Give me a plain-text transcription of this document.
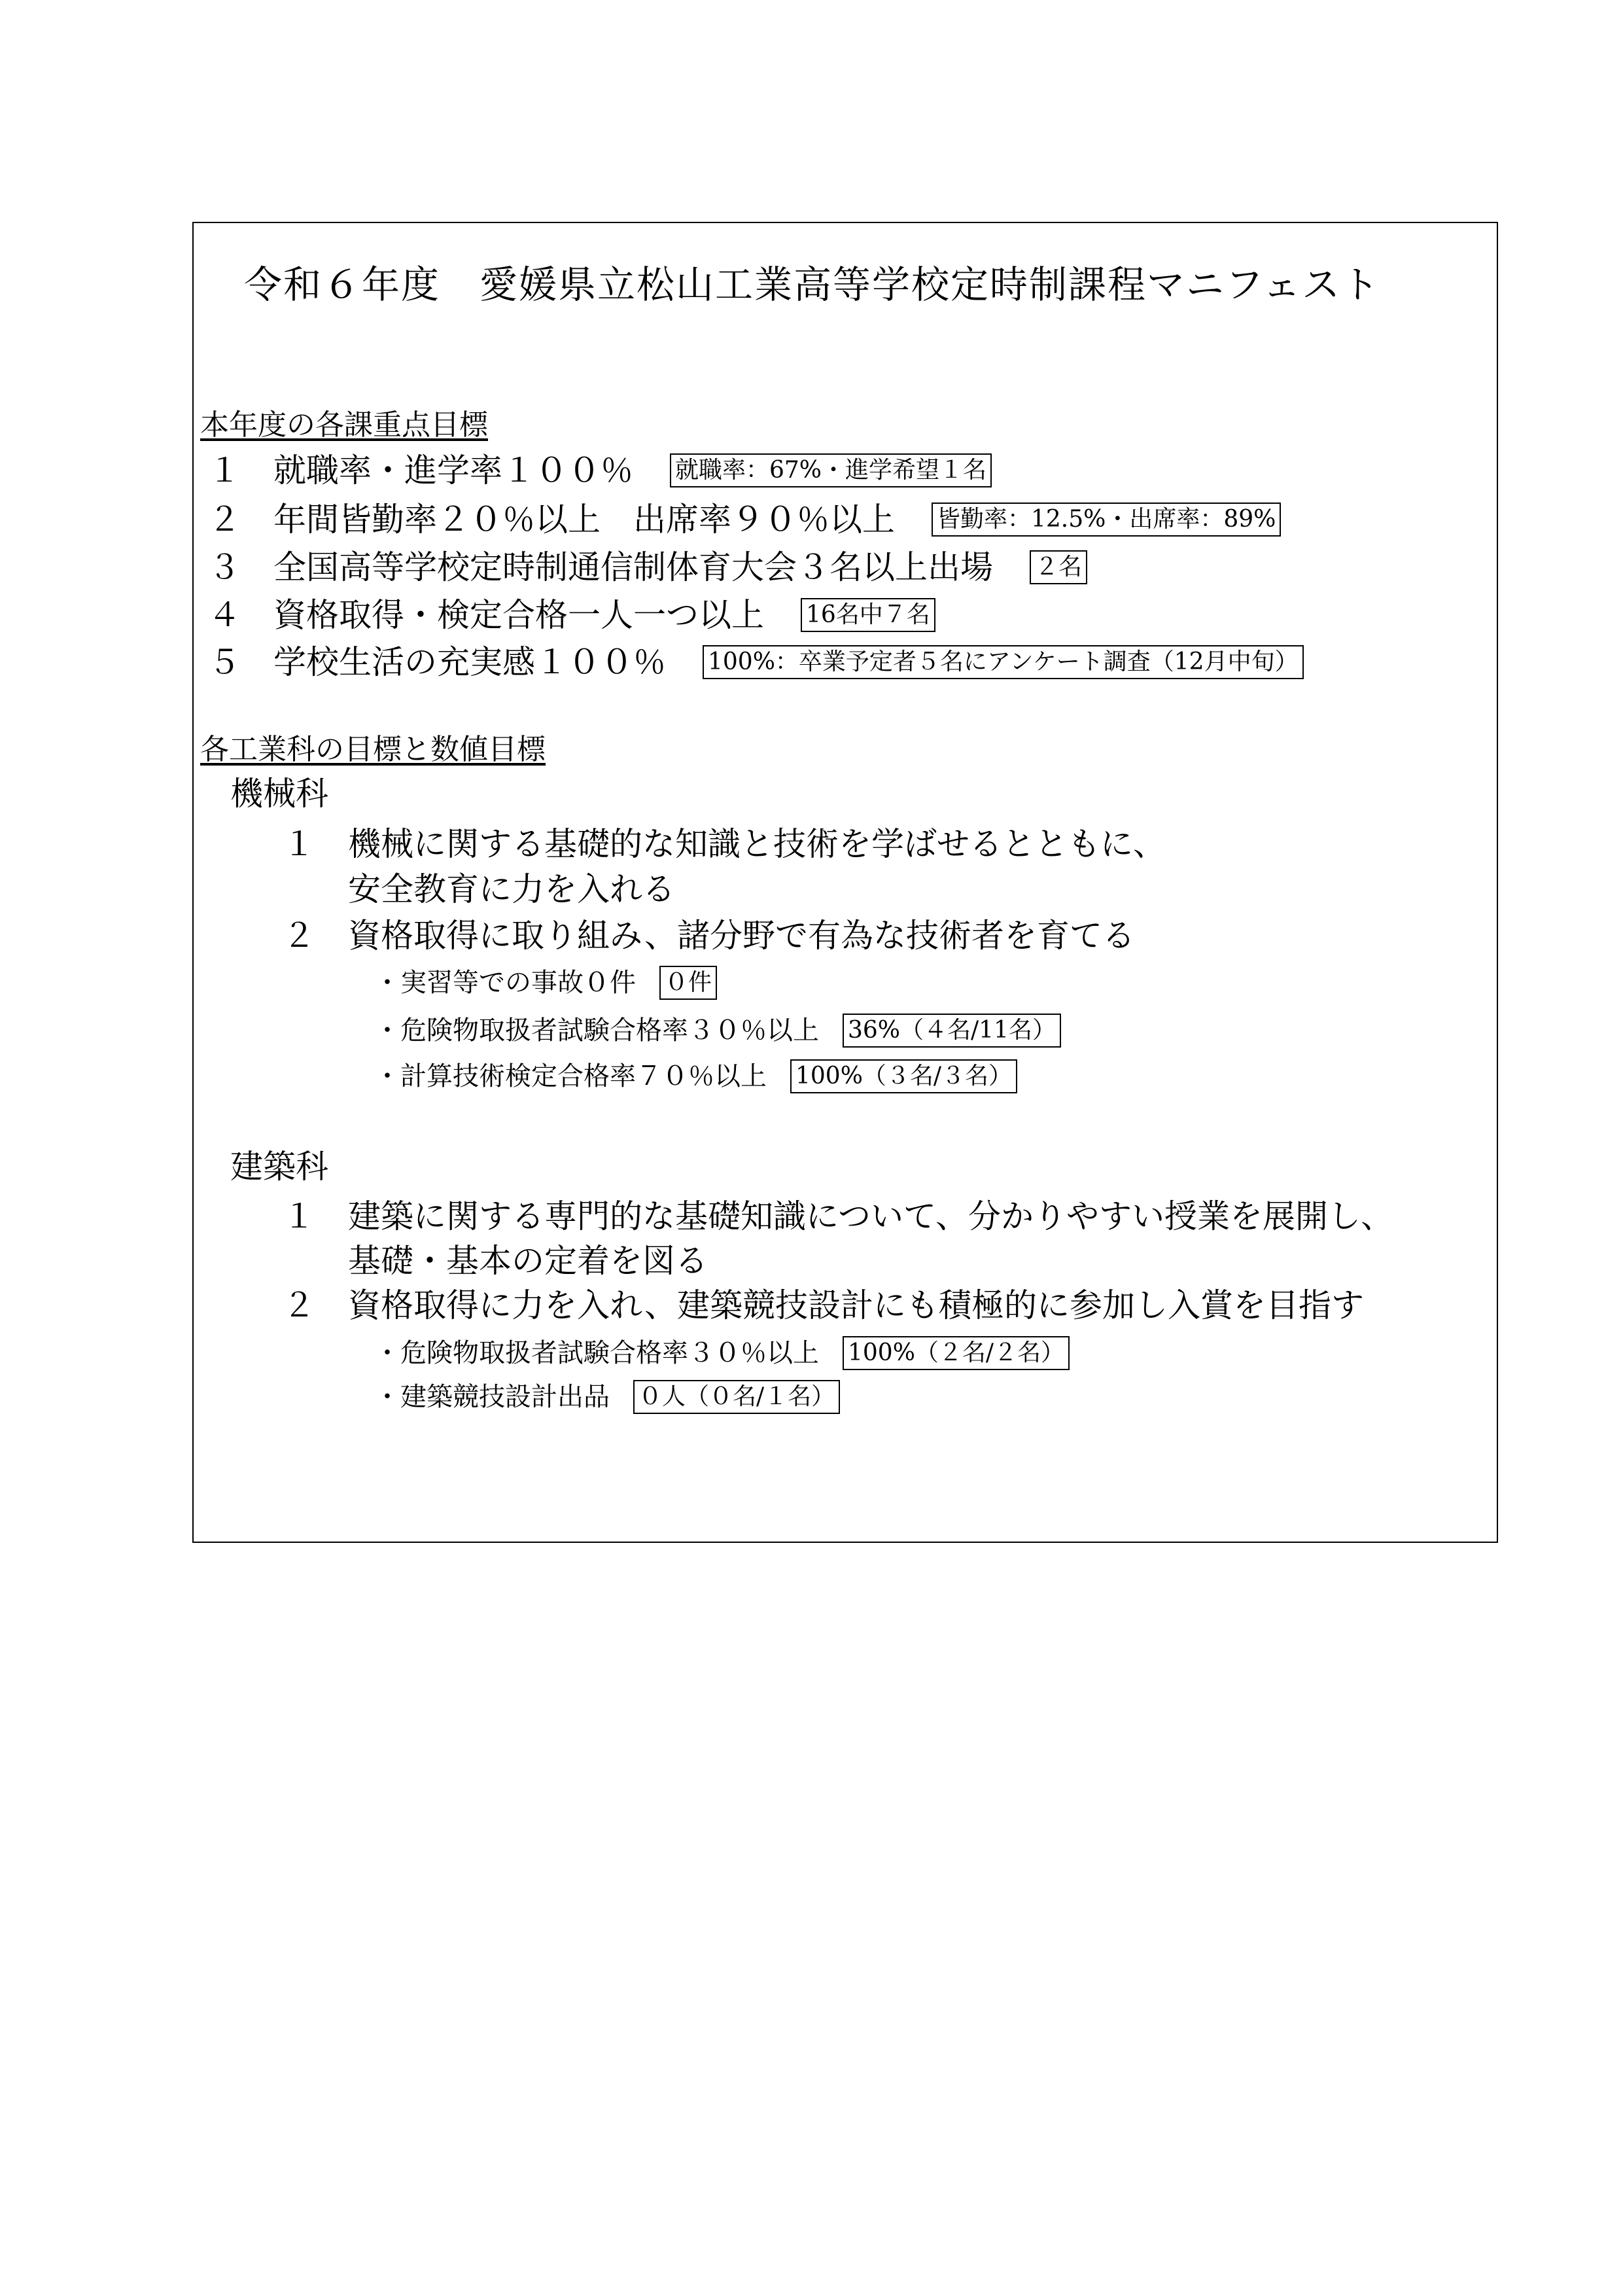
令和６年度　愛媛県立松山工業高等学校定時制課程マニフェスト
本年度の各課重点目標
１	就職率・進学率１００％ 就職率：67%・進学希望１名
２	年間皆勤率２０％以上　出席率９０％以上 皆勤率：12.5%・出席率：89%
３	全国高等学校定時制通信制体育大会３名以上出場 ２名
４	資格取得・検定合格一人一つ以上 16名中７名
５	学校生活の充実感１００％ 100%：卒業予定者５名にアンケート調査（12月中旬）
各工業科の目標と数値目標
機械科
１	機械に関する基礎的な知識と技術を学ばせるとともに、
安全教育に力を入れる
２	資格取得に取り組み、諸分野で有為な技術者を育てる
・実習等での事故０件 ０件
・危険物取扱者試験合格率３０％以上 36%（４名/11名）
・計算技術検定合格率７０％以上 100%（３名/３名）
建築科
１	建築に関する専門的な基礎知識について、分かりやすい授業を展開し、
基礎・基本の定着を図る
２	資格取得に力を入れ、建築競技設計にも積極的に参加し入賞を目指す
・危険物取扱者試験合格率３０％以上 100%（２名/２名）
・建築競技設計出品 ０人（０名/１名）
